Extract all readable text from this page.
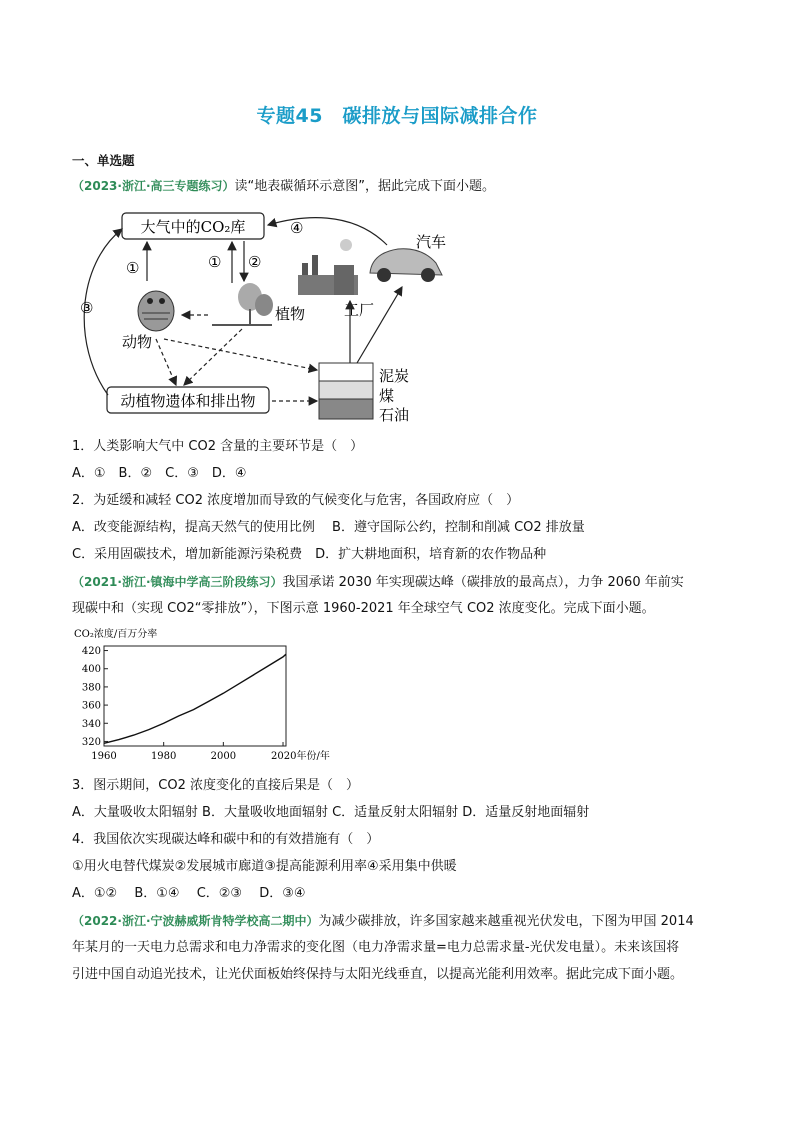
专题45　碳排放与国际减排合作
一、单选题
（2023·浙江·高三专题练习）读“地表碳循环示意图”，据此完成下面小题。
大气中的CO₂库
动植物遗体和排出物
④
③
①	① ②
动物
植物	工厂
汽车
泥炭
煤
石油
1．人类影响大气中 CO2 含量的主要环节是（　）
A．①　B．②　C．③　D．④
2．为延缓和减轻 CO2 浓度增加而导致的气候变化与危害，各国政府应（　）
A．改变能源结构，提高天然气的使用比例　 B．遵守国际公约，控制和削减 CO2 排放量
C．采用固碳技术，增加新能源污染税费　D．扩大耕地面积，培育新的农作物品种
（2021·浙江·镇海中学高三阶段练习）我国承诺 2030 年实现碳达峰（碳排放的最高点），力争 2060 年前实
现碳中和（实现 CO2“零排放”），下图示意 1960-2021 年全球空气 CO2 浓度变化。完成下面小题。
CO₂浓度/百万分率
320
340
360
380
400
420
1960	1980	2000	2020年份/年
3．图示期间，CO2 浓度变化的直接后果是（　）
A．大量吸收太阳辐射 B．大量吸收地面辐射 C．适量反射太阳辐射 D．适量反射地面辐射
4．我国依次实现碳达峰和碳中和的有效措施有（　）
①用火电替代煤炭②发展城市廊道③提高能源利用率④采用集中供暖
A．①②　 B．①④　 C．②③　 D．③④
（2022·浙江·宁波赫威斯肯特学校高二期中）为减少碳排放，许多国家越来越重视光伏发电，下图为甲国 2014
年某月的一天电力总需求和电力净需求的变化图（电力净需求量=电力总需求量-光伏发电量）。未来该国将
引进中国自动追光技术，让光伏面板始终保持与太阳光线垂直，以提高光能利用效率。据此完成下面小题。
